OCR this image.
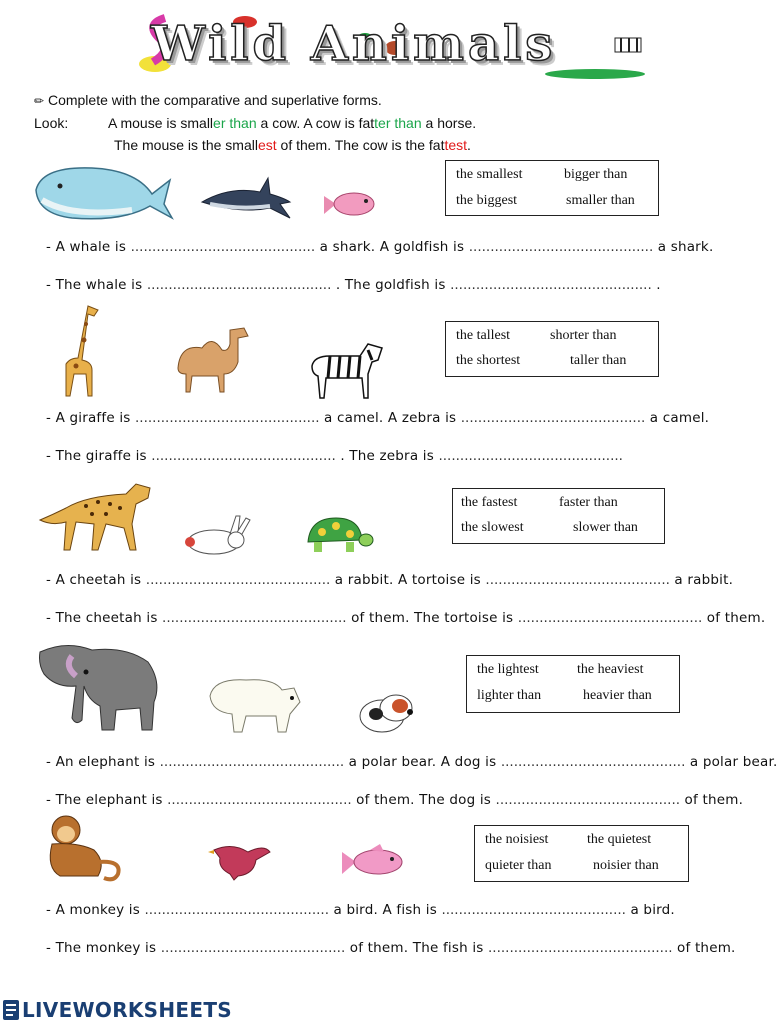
Wild Animals
✏ Complete with the comparative and superlative forms.
Look:	A mouse is smaller than a cow. A cow is fatter than a horse.
The mouse is the smallest of them. The cow is the fattest.
the smallest	bigger than
the biggest	smaller than
- A whale is ........................................... a shark. A goldfish is ........................................... a shark.
- The whale is ........................................... . The goldfish is ............................................... .
the tallest	shorter than
the shortest	taller than
- A giraffe is ........................................... a camel. A zebra is ........................................... a camel.
- The giraffe is ........................................... . The zebra is ...........................................
the fastest	faster than
the slowest	slower than
- A cheetah is ........................................... a rabbit. A tortoise is ........................................... a rabbit.
- The cheetah is ........................................... of them. The tortoise is ........................................... of them.
the lightest	the heaviest
lighter than	heavier than
- An elephant is ........................................... a polar bear. A dog is ........................................... a polar bear.
- The elephant is ........................................... of them. The dog is ........................................... of them.
the noisiest	the quietest
quieter than	noisier than
- A monkey is ........................................... a bird. A fish is ........................................... a bird.
- The monkey is ........................................... of them. The fish is ........................................... of them.
LIVEWORKSHEETS
